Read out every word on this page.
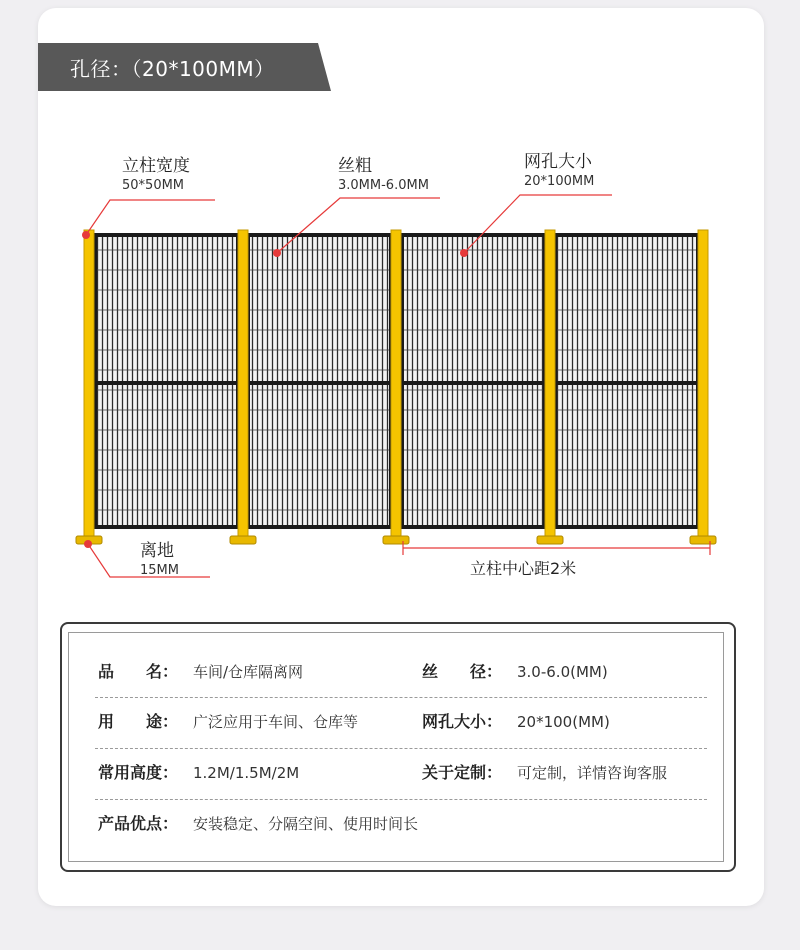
孔径：（20*100MM）
立柱宽度
50*50MM
丝粗
3.0MM-6.0MM
网孔大小
20*100MM
离地
15MM	立柱中心距2米
品　　名： 车间/仓库隔离网	丝　　径： 3.0-6.0(MM)
用　　途： 广泛应用于车间、仓库等	网孔大小： 20*100(MM)
常用高度： 1.2M/1.5M/2M	关于定制： 可定制，详情咨询客服
产品优点： 安装稳定、分隔空间、使用时间长
